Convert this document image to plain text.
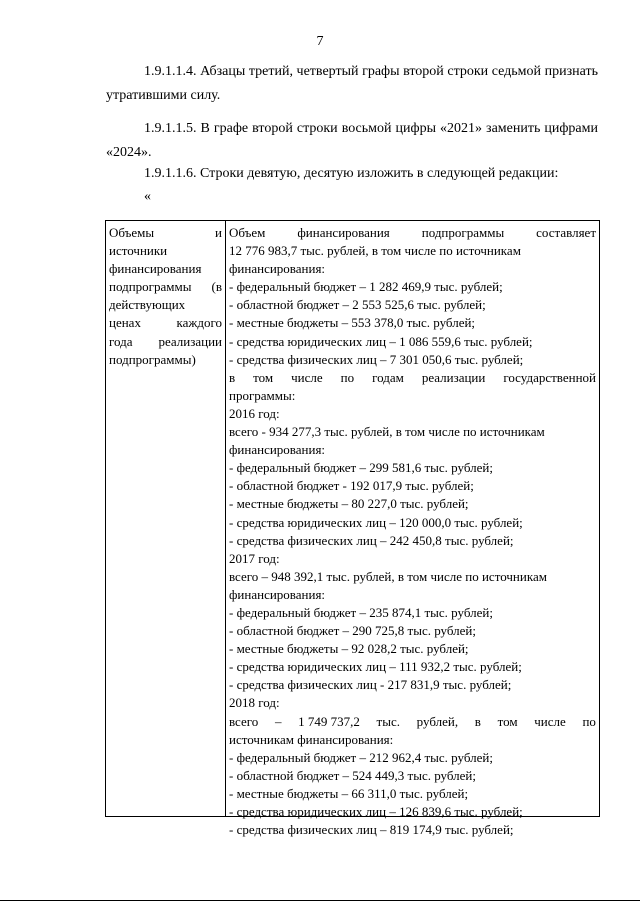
7

1.9.1.1.4. Абзацы третий, четвертый графы второй строки седьмой признать утратившими силу.

1.9.1.1.5. В графе второй строки восьмой цифры «2021» заменить цифрами «2024».

1.9.1.1.6. Строки девятую, десятую изложить в следующей редакции:

«
Объемы	и
источники
финансирования
подпрограммы (в
действующих
ценах	каждого
года реализации
подпрограммы)
Объем финансирования подпрограммы составляет
12 776 983,7 тыс. рублей, в том числе по источникам
финансирования:
- федеральный бюджет – 1 282 469,9 тыс. рублей;
- областной бюджет – 2 553 525,6 тыс. рублей;
- местные бюджеты – 553 378,0 тыс. рублей;
- средства юридических лиц – 1 086 559,6 тыс. рублей;
- средства физических лиц – 7 301 050,6 тыс. рублей;
в том числе по годам реализации государственной
программы:
2016 год:
всего - 934 277,3 тыс. рублей, в том числе по источникам
финансирования:
- федеральный бюджет – 299 581,6 тыс. рублей;
- областной бюджет - 192 017,9 тыс. рублей;
- местные бюджеты – 80 227,0 тыс. рублей;
- средства юридических лиц – 120 000,0 тыс. рублей;
- средства физических лиц – 242 450,8 тыс. рублей;
2017 год:
всего – 948 392,1 тыс. рублей, в том числе по источникам
финансирования:
- федеральный бюджет – 235 874,1 тыс. рублей;
- областной бюджет – 290 725,8 тыс. рублей;
- местные бюджеты – 92 028,2 тыс. рублей;
- средства юридических лиц – 111 932,2 тыс. рублей;
- средства физических лиц - 217 831,9 тыс. рублей;
2018 год:
всего – 1 749 737,2 тыс. рублей, в том числе по
источникам финансирования:
- федеральный бюджет – 212 962,4 тыс. рублей;
- областной бюджет – 524 449,3 тыс. рублей;
- местные бюджеты – 66 311,0 тыс. рублей;
- средства юридических лиц – 126 839,6 тыс. рублей;
- средства физических лиц – 819 174,9 тыс. рублей;
